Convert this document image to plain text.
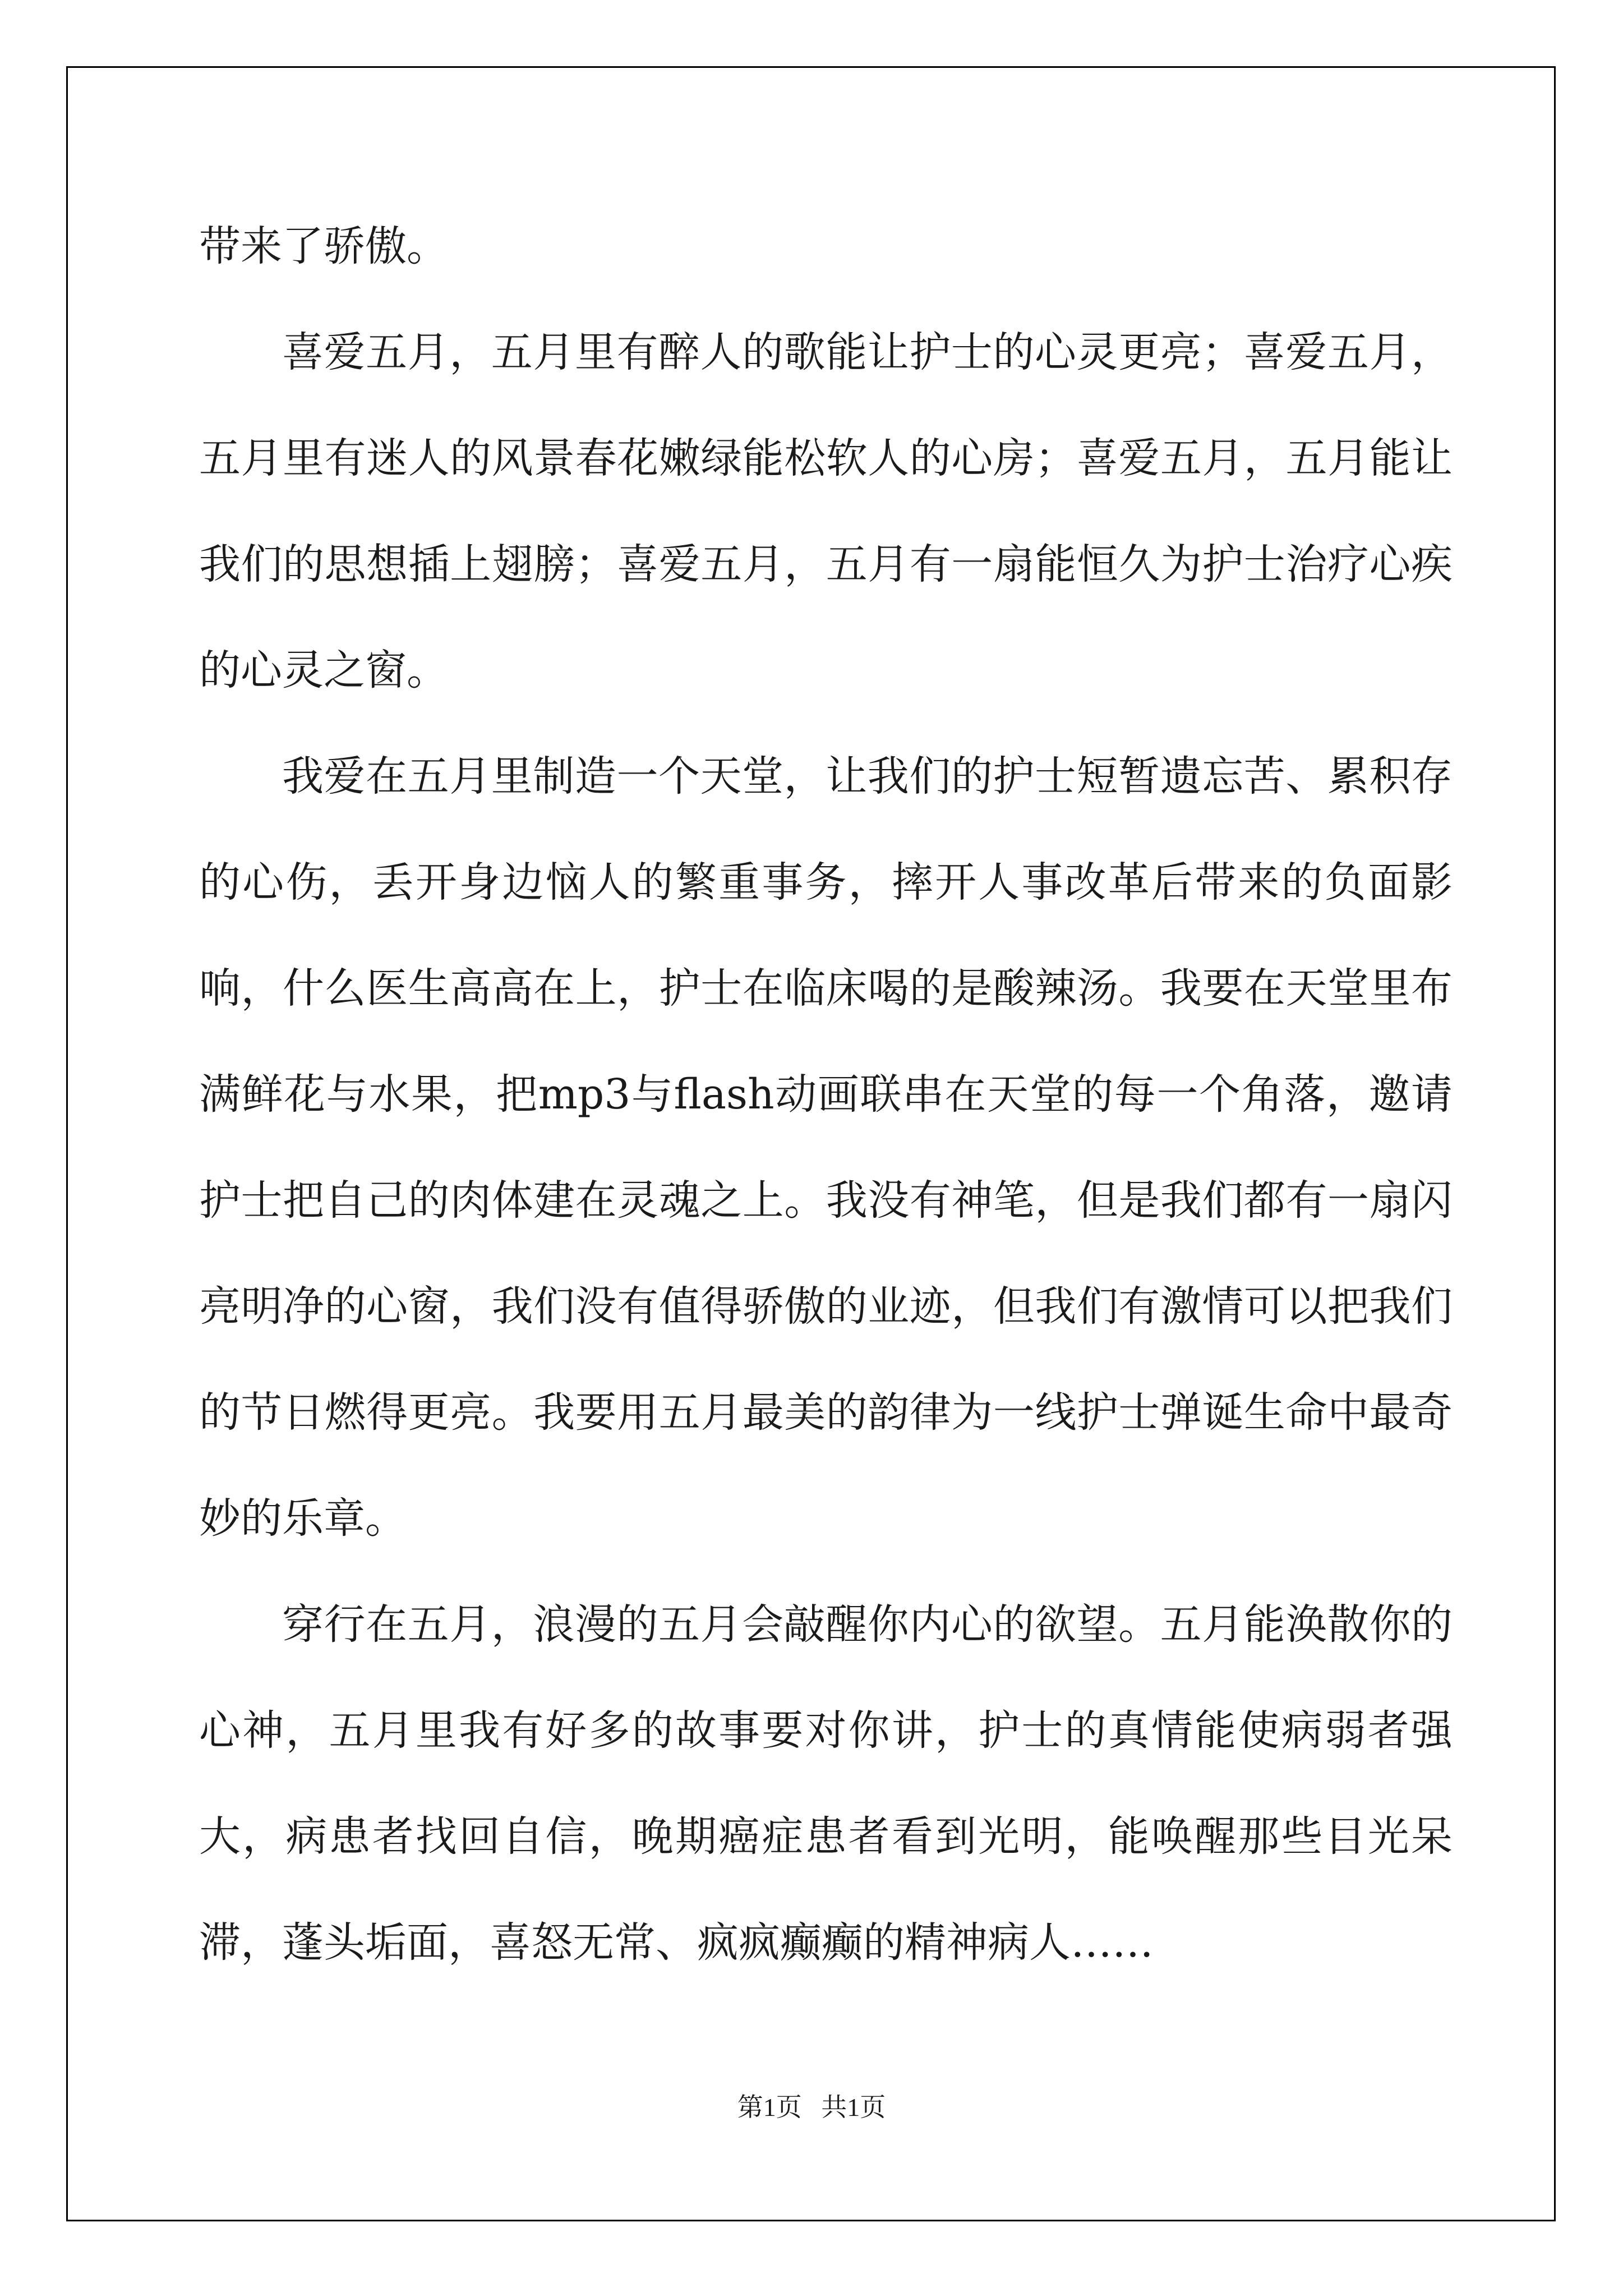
带来了骄傲。

喜爱五月，五月里有醉人的歌能让护士的心灵更亮；喜爱五月，五月里有迷人的风景春花嫩绿能松软人的心房；喜爱五月，五月能让我们的思想插上翅膀；喜爱五月，五月有一扇能恒久为护士治疗心疾的心灵之窗。

我爱在五月里制造一个天堂，让我们的护士短暂遗忘苦、累积存的心伤，丢开身边恼人的繁重事务，摔开人事改革后带来的负面影响，什么医生高高在上，护士在临床喝的是酸辣汤。我要在天堂里布满鲜花与水果，把mp3与flash动画联串在天堂的每一个角落，邀请护士把自己的肉体建在灵魂之上。我没有神笔，但是我们都有一扇闪亮明净的心窗，我们没有值得骄傲的业迹，但我们有激情可以把我们的节日燃得更亮。我要用五月最美的韵律为一线护士弹诞生命中最奇妙的乐章。

穿行在五月，浪漫的五月会敲醒你内心的欲望。五月能涣散你的心神，五月里我有好多的故事要对你讲，护士的真情能使病弱者强大，病患者找回自信，晚期癌症患者看到光明，能唤醒那些目光呆滞，蓬头垢面，喜怒无常、疯疯癫癫的精神病人……

第1页   共1页
